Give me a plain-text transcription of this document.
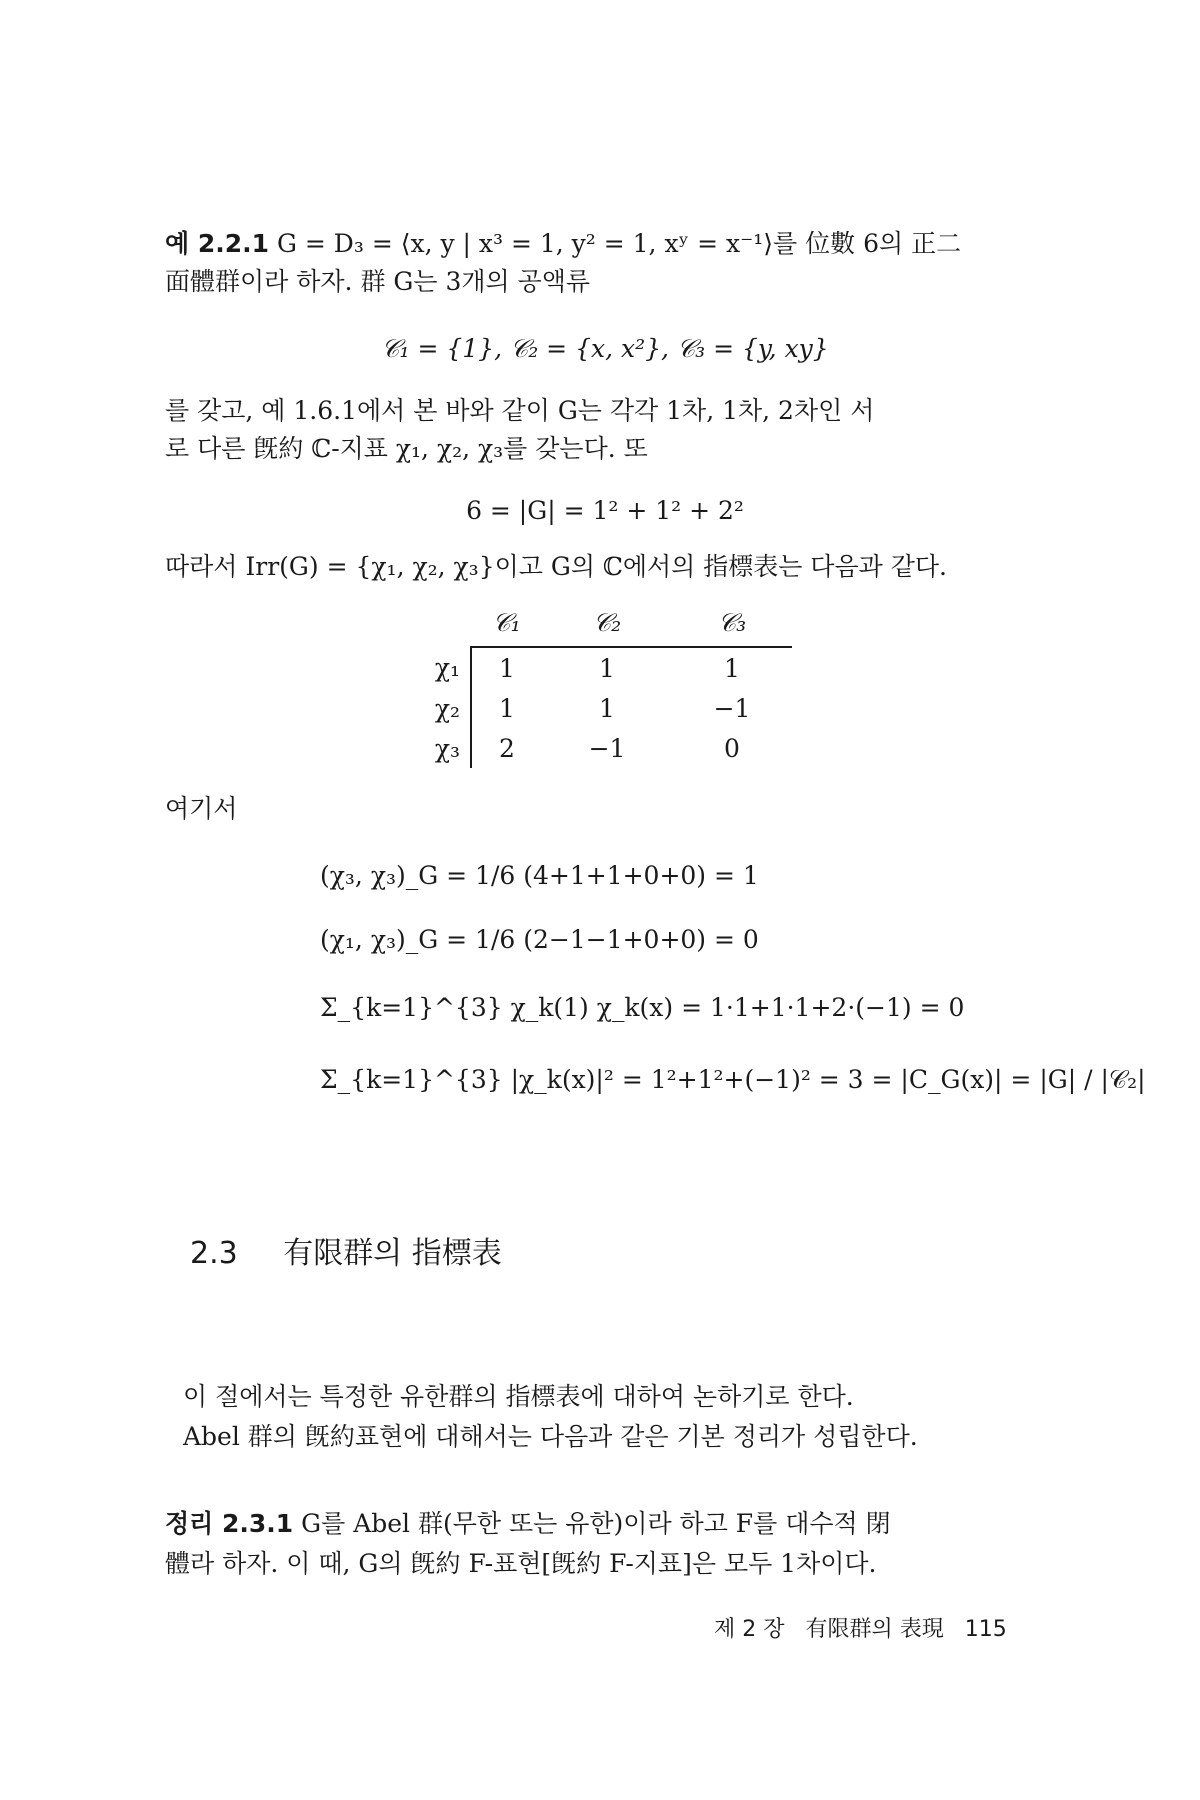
예 2.2.1 G = D₃ = ⟨x, y | x³ = 1, y² = 1, xʸ = x⁻¹⟩를 位數 6의 正二
面體群이라 하자. 群 G는 3개의 공액류
𝒞₁ = {1}, 𝒞₂ = {x, x²}, 𝒞₃ = {y, xy}
를 갖고, 예 1.6.1에서 본 바와 같이 G는 각각 1차, 1차, 2차인 서
로 다른 旣約 ℂ-지표 χ₁, χ₂, χ₃를 갖는다. 또
6 = |G| = 1² + 1² + 2²
따라서 Irr(G) = {χ₁, χ₂, χ₃}이고 G의 ℂ에서의 指標表는 다음과 같다.
	𝒞₁	𝒞₂	𝒞₃
χ₁	1	1	1
χ₂	1	1	−1
χ₃	2	−1	0
여기서
(χ₃, χ₃)_G = 1/6 (4+1+1+0+0) = 1
(χ₁, χ₃)_G = 1/6 (2−1−1+0+0) = 0
Σ_{k=1}^{3} χ_k(1) χ_k(x) = 1·1+1·1+2·(−1) = 0
Σ_{k=1}^{3} |χ_k(x)|² = 1²+1²+(−1)² = 3 = |C_G(x)| = |G| / |𝒞₂|
2.3 有限群의 指標表
이 절에서는 특정한 유한群의 指標表에 대하여 논하기로 한다.
Abel 群의 旣約표현에 대해서는 다음과 같은 기본 정리가 성립한다.
정리 2.3.1 G를 Abel 群(무한 또는 유한)이라 하고 F를 대수적 閉
體라 하자. 이 때, G의 旣約 F-표현[旣約 F-지표]은 모두 1차이다.
제 2 장 有限群의 表現 115
